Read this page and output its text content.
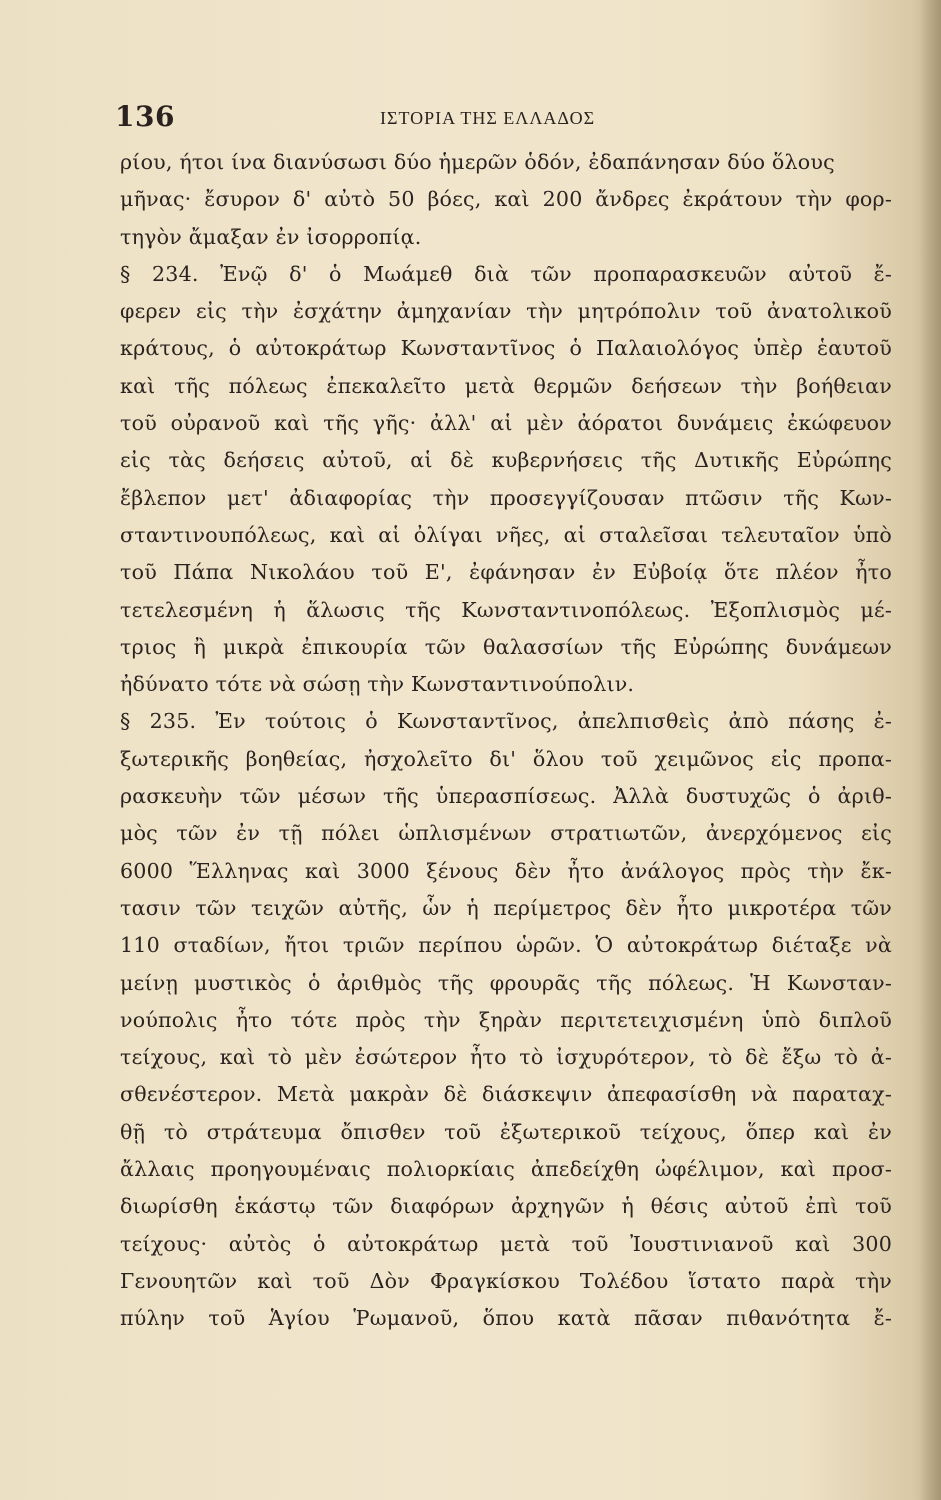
136	ΙΣΤΟΡΙΑ ΤΗΣ ΕΛΛΑΔΟΣ
ρίου, ήτοι ίνα διανύσωσι δύο ἡμερῶν ὁδόν, ἐδαπάνησαν δύο ὅλους
μῆνας· ἔσυρον δ' αὐτὸ 50 βόες, καὶ 200 ἄνδρες ἐκράτουν τὴν φορ-
τηγὸν ἄμαξαν ἐν ἰσορροπίᾳ.
§ 234. Ἐνῷ δ' ὁ Μωάμεθ διὰ τῶν προπαρασκευῶν αὐτοῦ ἔ-
φερεν εἰς τὴν ἐσχάτην ἀμηχανίαν τὴν μητρόπολιν τοῦ ἀνατολικοῦ
κράτους, ὁ αὐτοκράτωρ Κωνσταντῖνος ὁ Παλαιολόγος ὑπὲρ ἑαυτοῦ
καὶ τῆς πόλεως ἐπεκαλεῖτο μετὰ θερμῶν δεήσεων τὴν βοήθειαν
τοῦ οὐρανοῦ καὶ τῆς γῆς· ἀλλ' αἱ μὲν ἀόρατοι δυνάμεις ἐκώφευον
εἰς τὰς δεήσεις αὐτοῦ, αἱ δὲ κυβερνήσεις τῆς Δυτικῆς Εὐρώπης
ἔβλεπον μετ' ἀδιαφορίας τὴν προσεγγίζουσαν πτῶσιν τῆς Κων-
σταντινουπόλεως, καὶ αἱ ὀλίγαι νῆες, αἱ σταλεῖσαι τελευταῖον ὑπὸ
τοῦ Πάπα Νικολάου τοῦ Ε', ἐφάνησαν ἐν Εὐβοίᾳ ὅτε πλέον ἦτο
τετελεσμένη ἡ ἅλωσις τῆς Κωνσταντινοπόλεως. Ἐξοπλισμὸς μέ-
τριος ἢ μικρὰ ἐπικουρία τῶν θαλασσίων τῆς Εὐρώπης δυνάμεων
ἠδύνατο τότε νὰ σώσῃ τὴν Κωνσταντινούπολιν.
§ 235. Ἐν τούτοις ὁ Κωνσταντῖνος, ἀπελπισθεὶς ἀπὸ πάσης ἐ-
ξωτερικῆς βοηθείας, ἠσχολεῖτο δι' ὅλου τοῦ χειμῶνος εἰς προπα-
ρασκευὴν τῶν μέσων τῆς ὑπερασπίσεως. Ἀλλὰ δυστυχῶς ὁ ἀριθ-
μὸς τῶν ἐν τῇ πόλει ὡπλισμένων στρατιωτῶν, ἀνερχόμενος εἰς
6000 Ἕλληνας καὶ 3000 ξένους δὲν ἦτο ἀνάλογος πρὸς τὴν ἔκ-
τασιν τῶν τειχῶν αὐτῆς, ὧν ἡ περίμετρος δὲν ἦτο μικροτέρα τῶν
110 σταδίων, ἤτοι τριῶν περίπου ὡρῶν. Ὁ αὐτοκράτωρ διέταξε νὰ
μείνῃ μυστικὸς ὁ ἀριθμὸς τῆς φρουρᾶς τῆς πόλεως. Ἡ Κωνσταν-
νούπολις ἦτο τότε πρὸς τὴν ξηρὰν περιτετειχισμένη ὑπὸ διπλοῦ
τείχους, καὶ τὸ μὲν ἐσώτερον ἦτο τὸ ἰσχυρότερον, τὸ δὲ ἔξω τὸ ἀ-
σθενέστερον. Μετὰ μακρὰν δὲ διάσκεψιν ἀπεφασίσθη νὰ παραταχ-
θῇ τὸ στράτευμα ὄπισθεν τοῦ ἐξωτερικοῦ τείχους, ὅπερ καὶ ἐν
ἄλλαις προηγουμέναις πολιορκίαις ἀπεδείχθη ὠφέλιμον, καὶ προσ-
διωρίσθη ἑκάστῳ τῶν διαφόρων ἀρχηγῶν ἡ θέσις αὐτοῦ ἐπὶ τοῦ
τείχους· αὐτὸς ὁ αὐτοκράτωρ μετὰ τοῦ Ἰουστινιανοῦ καὶ 300
Γενουητῶν καὶ τοῦ Δὸν Φραγκίσκου Τολέδου ἵστατο παρὰ τὴν
πύλην τοῦ Ἁγίου Ῥωμανοῦ, ὅπου κατὰ πᾶσαν πιθανότητα ἔ-
